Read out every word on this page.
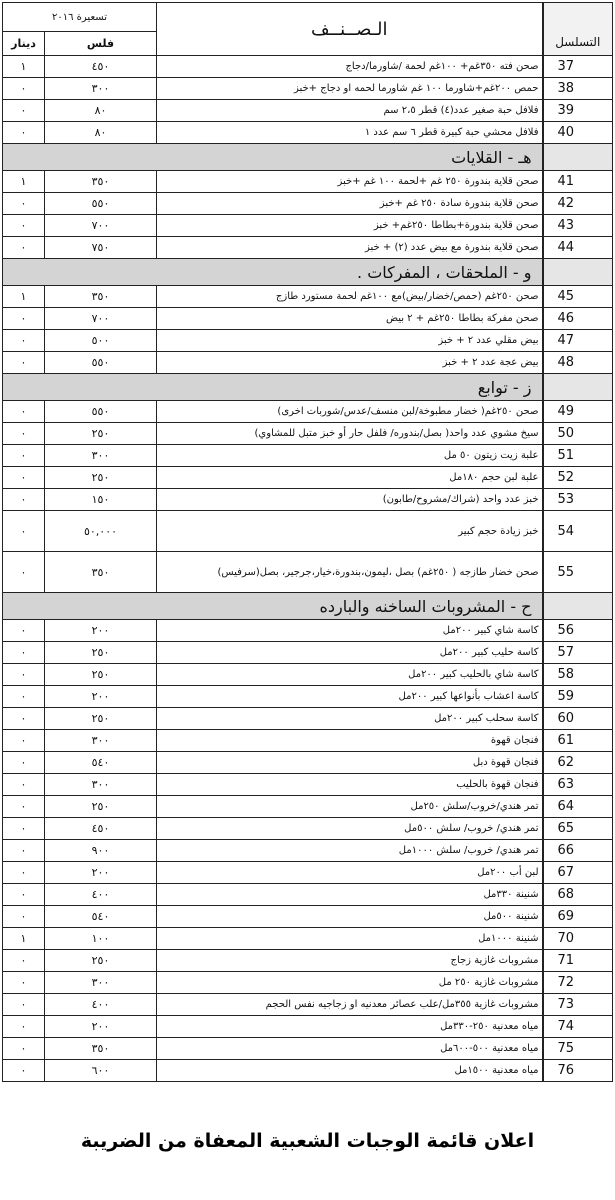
تسعيرة ٢٠١٦		الـصــنــف	التسلسل
دينار	فلس		
١	٤٥٠	صحن فته ٣٥٠غم+ ١٠٠غم لحمة /شاورما/دجاج	37
٠	٣٠٠	حمص ٢٠٠غم+شاورما ١٠٠ غم شاورما لحمه او دجاج +خبز	38
٠	٨٠	فلافل حبة صغير عدد(٤) قطر ٢،٥ سم	39
٠	٨٠	فلافل محشي حبة كبيرة قطر ٦ سم عدد ١	40
هـ - القلايات			
١	٣٥٠	صحن قلاية بندورة ٢٥٠ غم +لحمة ١٠٠ غم +خبز	41
٠	٥٥٠	صحن قلاية بندورة سادة ٢٥٠ غم +خبز	42
٠	٧٠٠	صحن قلاية بندورة+بطاطا ٢٥٠غم+ خبز	43
٠	٧٥٠	صحن قلاية بندورة مع بيض عدد (٢) + خبز	44
و - الملحقات ، المفركات .			
١	٣٥٠	صحن ٢٥٠غم (حمص/خضار/بيض)مع ١٠٠غم لحمة مستورد طازج	45
٠	٧٠٠	صحن مفركة بطاطا ٢٥٠غم + ٢ بيض	46
٠	٥٠٠	بيض مقلي عدد ٢ + خبز	47
٠	٥٥٠	بيض عجة عدد ٢ + خبز	48
ز - توابع			
٠	٥٥٠	صحن ٢٥٠غم( خضار مطبوخة/لبن منسف/عدس/شوربات اخرى)	49
٠	٢٥٠	سيخ مشوي عدد واحد( بصل/بندوره/ فلفل حار أو خبز متبل للمشاوي)	50
٠	٣٠٠	علبة زيت زيتون ٥٠ مل	51
٠	٢٥٠	علبة لبن حجم ١٨٠مل	52
٠	١٥٠	خبز عدد واحد (شراك/مشروح/طابون)	53
٠	٥٠,٠٠٠	خبز زيادة حجم كبير	54
٠	٣٥٠	صحن خضار طازجه ( ٢٥٠غم) بصل ،ليمون،بندورة،خيار،جرجير، بصل(سرفيس)	55
ح - المشروبات الساخنه والبارده			
٠	٢٠٠	كاسة شاي كبير ٢٠٠مل	56
٠	٢٥٠	كاسة حليب كبير ٢٠٠مل	57
٠	٢٥٠	كاسة شاي بالحليب كبير ٢٠٠مل	58
٠	٢٠٠	كاسة اعشاب بأنواعها كبير ٢٠٠مل	59
٠	٢٥٠	كاسة سحلب كبير ٢٠٠مل	60
٠	٣٠٠	فنجان قهوة	61
٠	٥٤٠	فنجان قهوة دبل	62
٠	٣٠٠	فنجان قهوة بالحليب	63
٠	٢٥٠	تمر هندي/خروب/سلش ٢٥٠مل	64
٠	٤٥٠	تمر هندي/ خروب/ سلش ٥٠٠مل	65
٠	٩٠٠	تمر هندي/ خروب/ سلش ١٠٠٠مل	66
٠	٢٠٠	لبن أب ٢٠٠مل	67
٠	٤٠٠	شنينة ٣٣٠مل	68
٠	٥٤٠	شنينة ٥٠٠مل	69
١	١٠٠	شنينة ١٠٠٠مل	70
٠	٢٥٠	مشروبات غازية زجاج	71
٠	٣٠٠	مشروبات غازية ٢٥٠ مل	72
٠	٤٠٠	مشروبات غازية ٣٥٥مل/علب عصائر معدنيه او زجاجيه نفس الحجم	73
٠	٢٠٠	مياه معدنية ٢٥٠-٣٣٠مل	74
٠	٣٥٠	مياه معدنية ٥٠٠-٦٠٠مل	75
٠	٦٠٠	مياه معدنية ١٥٠٠مل	76
اعلان قائمة الوجبات الشعبية المعفاة من الضريبة
